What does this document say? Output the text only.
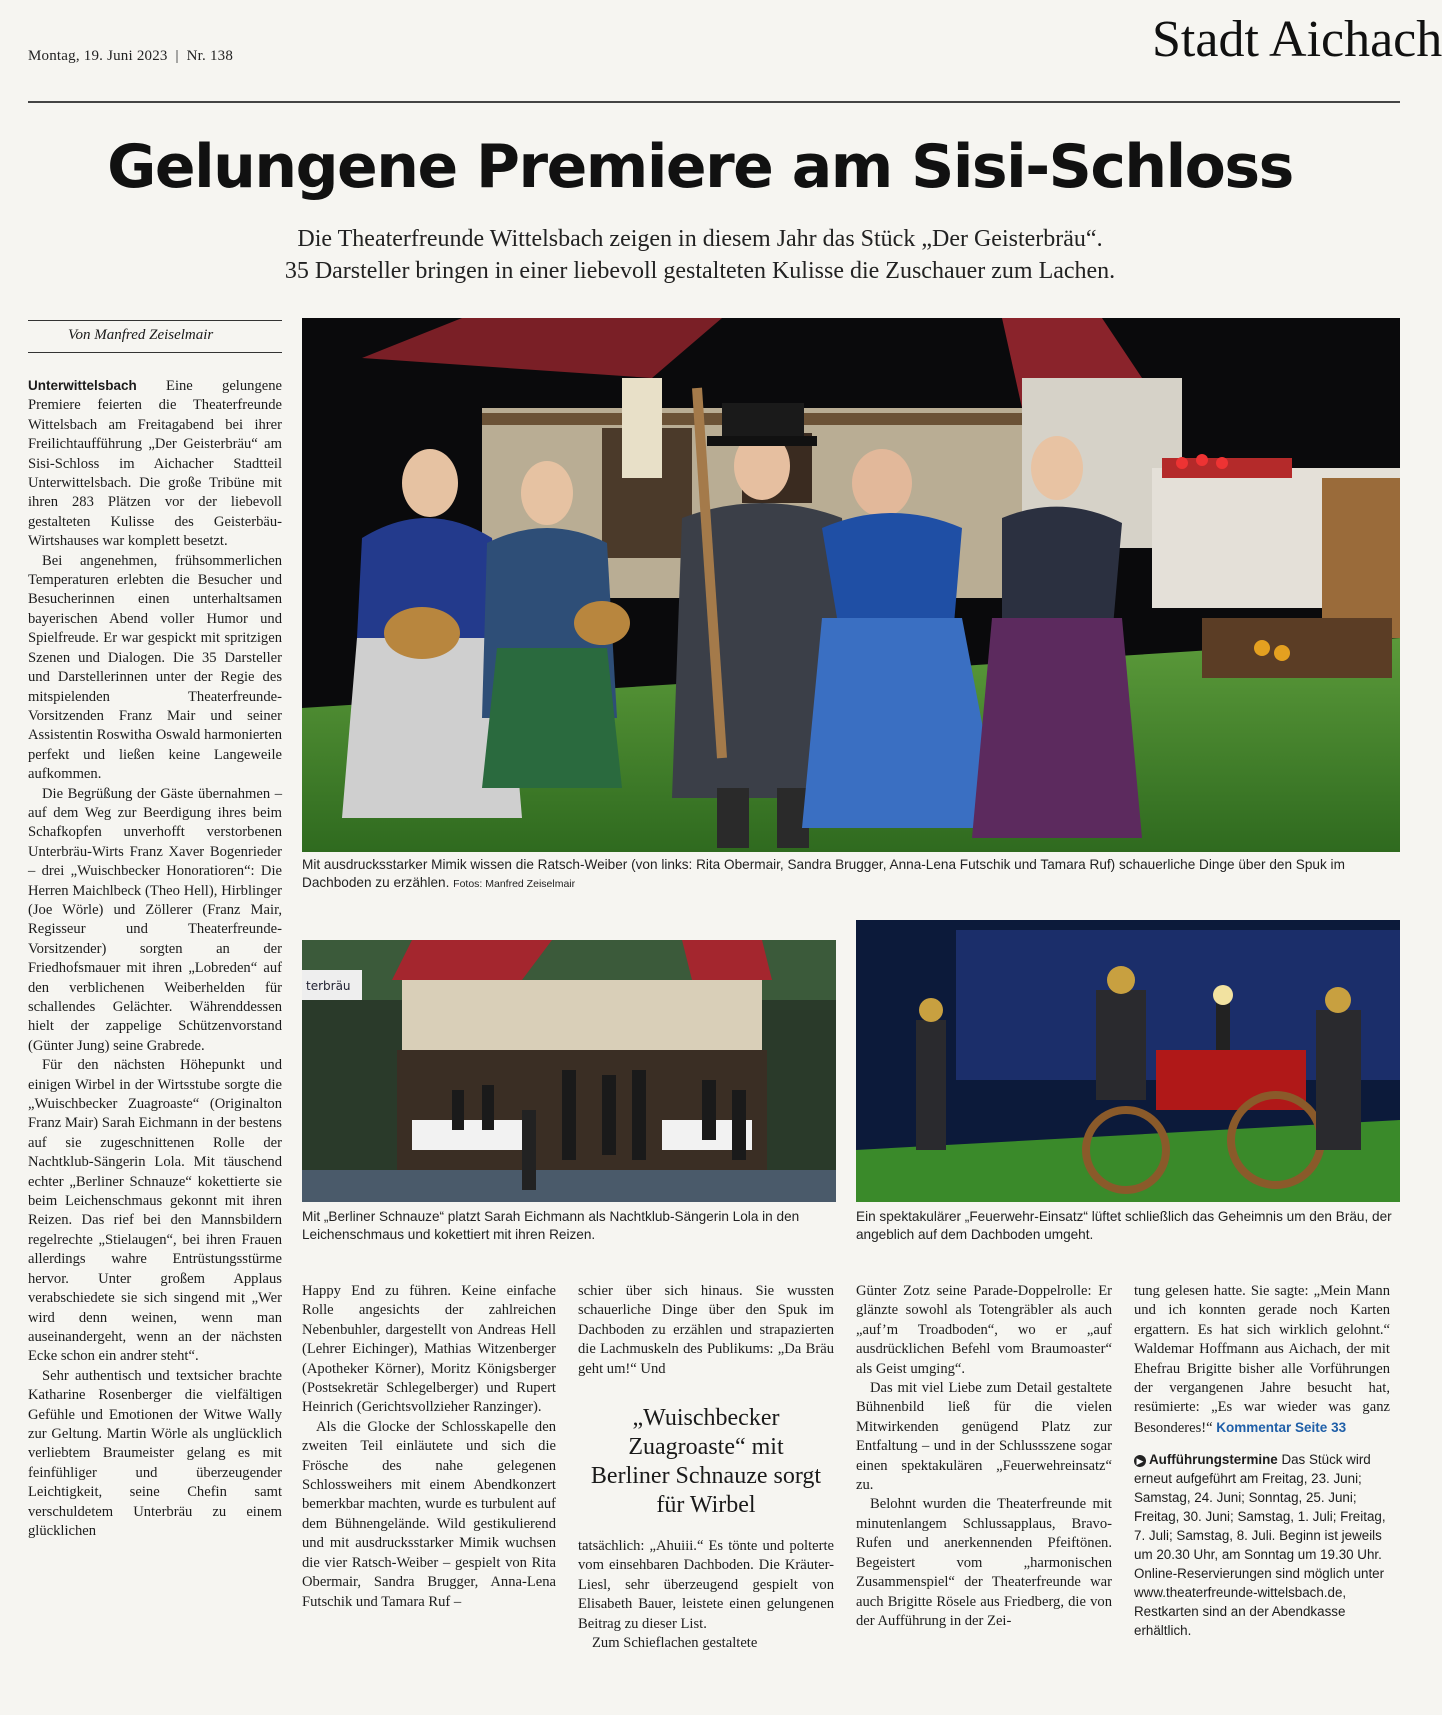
Montag, 19. Juni 2023  |  Nr. 138	Stadt Aichach
Gelungene Premiere am Sisi-Schloss
Die Theaterfreunde Wittelsbach zeigen in diesem Jahr das Stück „Der Geisterbräu“.
35 Darsteller bringen in einer liebevoll gestalteten Kulisse die Zuschauer zum Lachen.
Von Manfred Zeiselmair

Unterwittelsbach Eine gelungene Premiere feierten die Theaterfreunde Wittelsbach am Freitagabend bei ihrer Freilichtaufführung „Der Geisterbräu“ am Sisi-Schloss im Aichacher Stadtteil Unterwittelsbach. Die große Tribüne mit ihren 283 Plätzen vor der liebevoll gestalteten Kulisse des Geisterbäu-Wirtshauses war komplett besetzt.

Bei angenehmen, frühsommerlichen Temperaturen erlebten die Besucher und Besucherinnen einen unterhaltsamen bayerischen Abend voller Humor und Spielfreude. Er war gespickt mit spritzigen Szenen und Dialogen. Die 35 Darsteller und Darstellerinnen unter der Regie des mitspielenden Theaterfreunde-Vorsitzenden Franz Mair und seiner Assistentin Roswitha Oswald harmonierten perfekt und ließen keine Langeweile aufkommen.

Die Begrüßung der Gäste übernahmen – auf dem Weg zur Beerdigung ihres beim Schafkopfen unverhofft verstorbenen Unterbräu-Wirts Franz Xaver Bogenrieder – drei „Wuischbecker Honoratioren“: Die Herren Maichlbeck (Theo Hell), Hirblinger (Joe Wörle) und Zöllerer (Franz Mair, Regisseur und Theaterfreunde-Vorsitzender) sorgten an der Friedhofsmauer mit ihren „Lobreden“ auf den verblichenen Weiberhelden für schallendes Gelächter. Währenddessen hielt der zappelige Schützenvorstand (Günter Jung) seine Grabrede.

Für den nächsten Höhepunkt und einigen Wirbel in der Wirtsstube sorgte die „Wuischbecker Zuagroaste“ (Originalton Franz Mair) Sarah Eichmann in der bestens auf sie zugeschnittenen Rolle der Nachtklub-Sängerin Lola. Mit täuschend echter „Berliner Schnauze“ kokettierte sie beim Leichenschmaus gekonnt mit ihren Reizen. Das rief bei den Mannsbildern regelrechte „Stielaugen“, bei ihren Frauen allerdings wahre Entrüstungsstürme hervor. Unter großem Applaus verabschiedete sie sich singend mit „Wer wird denn weinen, wenn man auseinandergeht, wenn an der nächsten Ecke schon ein andrer steht“.

Sehr authentisch und textsicher brachte Katharine Rosenberger die vielfältigen Gefühle und Emotionen der Witwe Wally zur Geltung. Martin Wörle als unglücklich verliebtem Braumeister gelang es mit feinfühliger und überzeugender Leichtigkeit, seine Chefin samt verschuldetem Unterbräu zu einem glücklichen

Mit ausdrucksstarker Mimik wissen die Ratsch-Weiber (von links: Rita Obermair, Sandra Brugger, Anna-Lena Futschik und Tamara Ruf) schauerliche Dinge über den Spuk im Dachboden zu erzählen. Fotos: Manfred Zeiselmair
terbräu
Mit „Berliner Schnauze“ platzt Sarah Eichmann als Nachtklub-Sängerin Lola in den Leichenschmaus und kokettiert mit ihren Reizen.
Ein spektakulärer „Feuerwehr-Einsatz“ lüftet schließlich das Geheimnis um den Bräu, der angeblich auf dem Dachboden umgeht.

Happy End zu führen. Keine einfache Rolle angesichts der zahlreichen Nebenbuhler, dargestellt von Andreas Hell (Lehrer Eichinger), Mathias Witzenberger (Apotheker Körner), Moritz Königsberger (Postsekretär Schlegelberger) und Rupert Heinrich (Gerichtsvollzieher Ranzinger).

Als die Glocke der Schlosskapelle den zweiten Teil einläutete und sich die Frösche des nahe gelegenen Schlossweihers mit einem Abendkonzert bemerkbar machten, wurde es turbulent auf dem Bühnengelände. Wild gestikulierend und mit ausdrucksstarker Mimik wuchsen die vier Ratsch-Weiber – gespielt von Rita Obermair, Sandra Brugger, Anna-Lena Futschik und Tamara Ruf –

schier über sich hinaus. Sie wussten schauerliche Dinge über den Spuk im Dachboden zu erzählen und strapazierten die Lachmuskeln des Publikums: „Da Bräu geht um!“ Und

„Wuischbecker Zuagroaste“ mit Berliner Schnauze sorgt für Wirbel

tatsächlich: „Ahuiii.“ Es tönte und polterte vom einsehbaren Dachboden. Die Kräuter-Liesl, sehr überzeugend gespielt von Elisabeth Bauer, leistete einen gelungenen Beitrag zu dieser List.

Zum Schieflachen gestaltete

Günter Zotz seine Parade-Doppelrolle: Er glänzte sowohl als Totengräbler als auch „auf’m Troadboden“, wo er „auf ausdrücklichen Befehl vom Braumoaster“ als Geist umging“.

Das mit viel Liebe zum Detail gestaltete Bühnenbild ließ für die vielen Mitwirkenden genügend Platz zur Entfaltung – und in der Schlussszene sogar einen spektakulären „Feuerwehreinsatz“ zu.

Belohnt wurden die Theaterfreunde mit minutenlangem Schlussapplaus, Bravo-Rufen und anerkennenden Pfeiftönen. Begeistert vom „harmonischen Zusammenspiel“ der Theaterfreunde war auch Brigitte Rösele aus Friedberg, die von der Aufführung in der Zei-

tung gelesen hatte. Sie sagte: „Mein Mann und ich konnten gerade noch Karten ergattern. Es hat sich wirklich gelohnt.“ Waldemar Hoffmann aus Aichach, der mit Ehefrau Brigitte bisher alle Vorführungen der vergangenen Jahre besucht hat, resümierte: „Es war wieder was ganz Besonderes!“ Kommentar Seite 33

▶ Aufführungstermine Das Stück wird erneut aufgeführt am Freitag, 23. Juni; Samstag, 24. Juni; Sonntag, 25. Juni; Freitag, 30. Juni; Samstag, 1. Juli; Freitag, 7. Juli; Samstag, 8. Juli. Beginn ist jeweils um 20.30 Uhr, am Sonntag um 19.30 Uhr. Online-Reservierungen sind möglich unter www.theaterfreunde-wittelsbach.de, Restkarten sind an der Abendkasse erhältlich.
